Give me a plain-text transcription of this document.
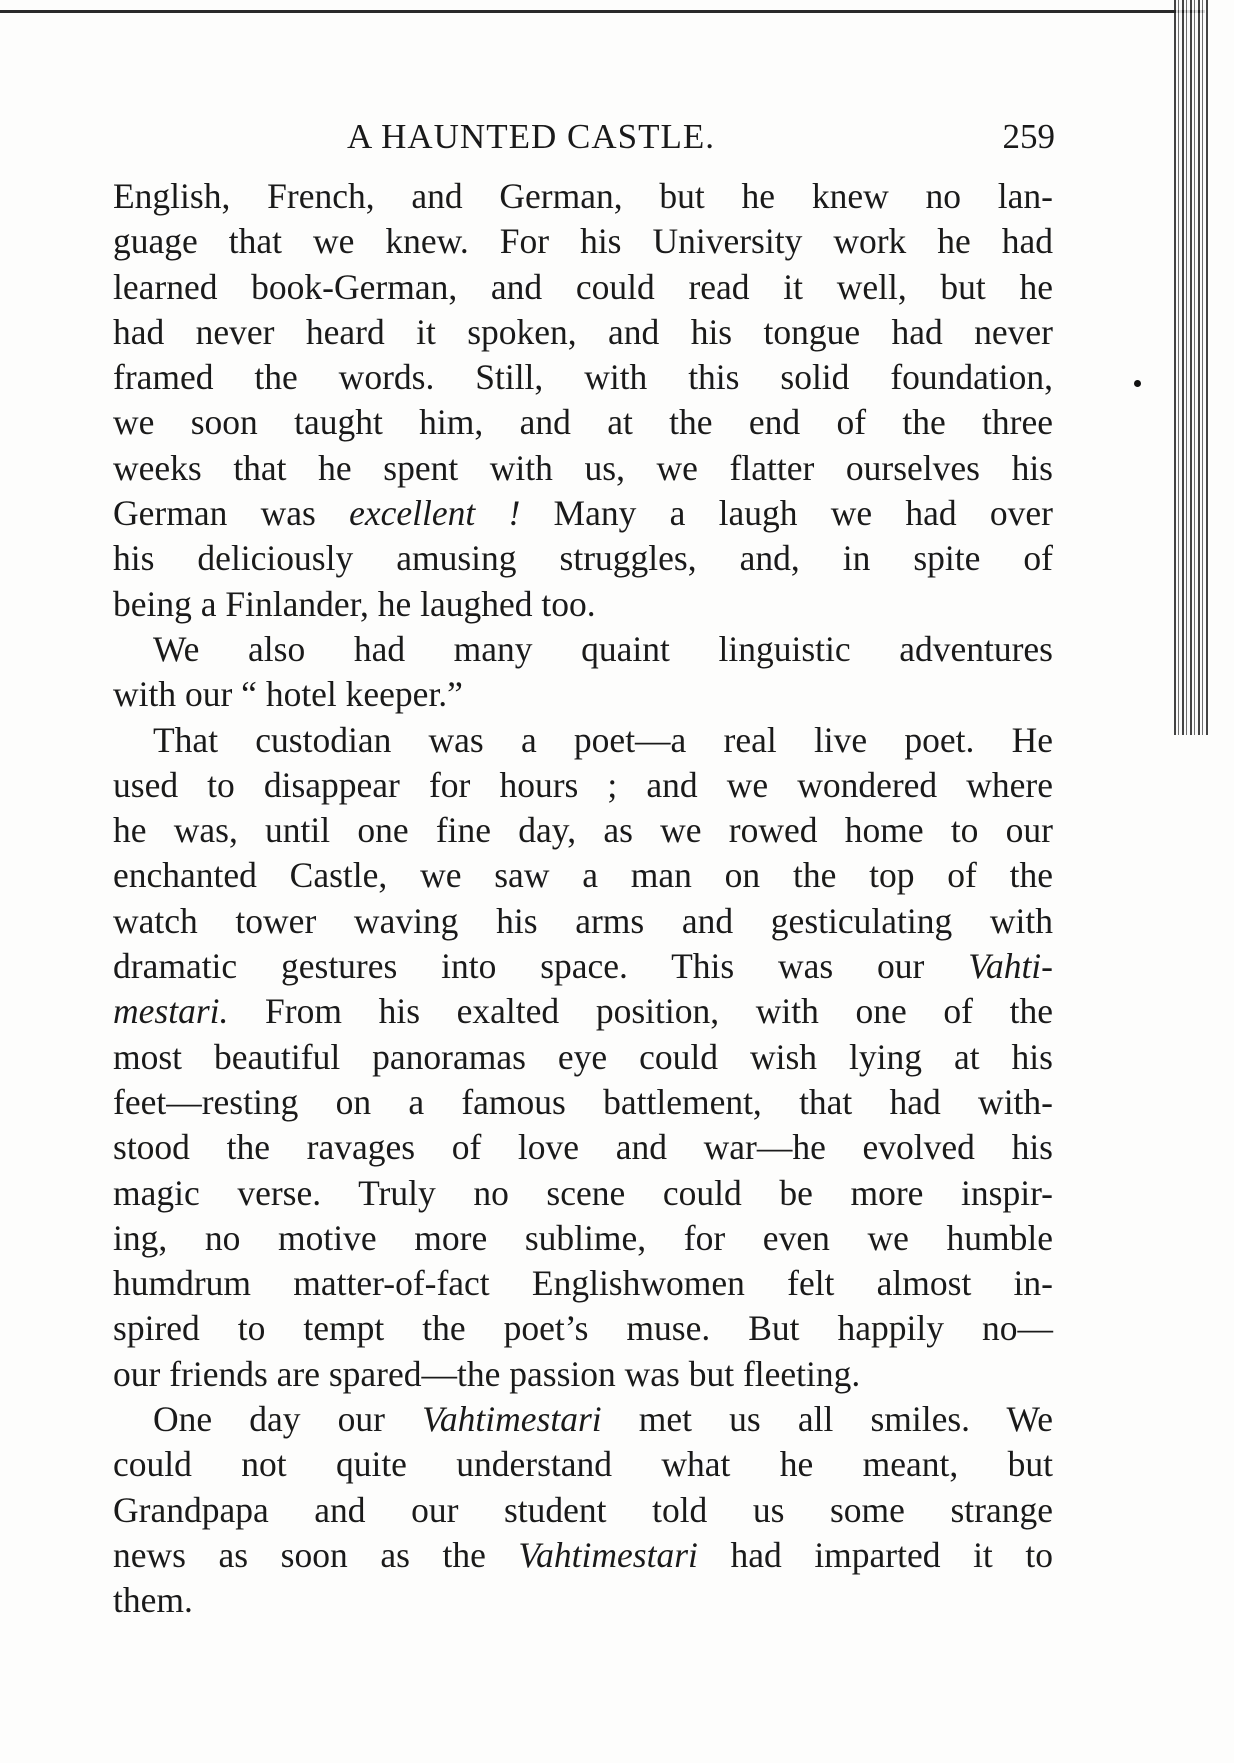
A HAUNTED CASTLE.	259
English, French, and German, but he knew no lan-
guage that we knew. For his University work he had
learned book-German, and could read it well, but he
had never heard it spoken, and his tongue had never
framed the words. Still, with this solid foundation,
we soon taught him, and at the end of the three
weeks that he spent with us, we flatter ourselves his
German was excellent ! Many a laugh we had over
his deliciously amusing struggles, and, in spite of
being a Finlander, he laughed too.
We also had many quaint linguistic adventures
with our “ hotel keeper.”
That custodian was a poet—a real live poet. He
used to disappear for hours ; and we wondered where
he was, until one fine day, as we rowed home to our
enchanted Castle, we saw a man on the top of the
watch tower waving his arms and gesticulating with
dramatic gestures into space. This was our Vahti-
mestari. From his exalted position, with one of the
most beautiful panoramas eye could wish lying at his
feet—resting on a famous battlement, that had with-
stood the ravages of love and war—he evolved his
magic verse. Truly no scene could be more inspir-
ing, no motive more sublime, for even we humble
humdrum matter-of-fact Englishwomen felt almost in-
spired to tempt the poet’s muse. But happily no—
our friends are spared—the passion was but fleeting.
One day our Vahtimestari met us all smiles. We
could not quite understand what he meant, but
Grandpapa and our student told us some strange
news as soon as the Vahtimestari had imparted it to
them.
